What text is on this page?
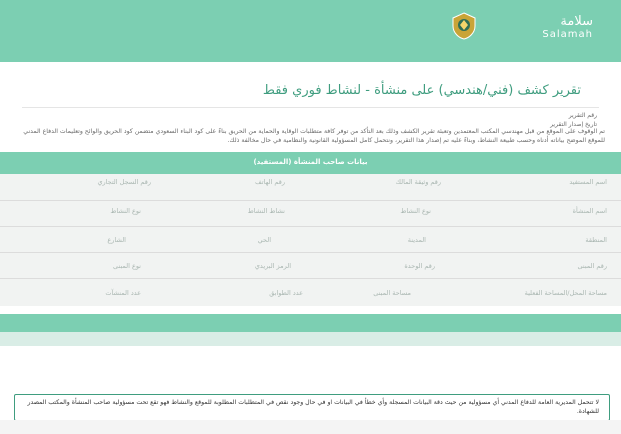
سلامة
Salamah
تقرير كشف (فني/هندسي) على منشأة - لنشاط فوري فقط
رقم التقرير
تاريخ إصدار التقرير
تم الوقوف على الموقع من قبل مهندسي المكتب المعتمدين وتعبئة تقرير الكشف وذلك بعد التأكد من توفر كافة متطلبات الوقاية والحماية من الحريق بناءً على كود البناء السعودي متضمن كود الحريق والوائح وتعليمات الدفاع المدني للموقع الموضح بياناته أدناه وحسب طبيعة النشاط، وبناءً عليه تم إصدار هذا التقرير، ونتحمل كامل المسؤولية القانونية والنظامية في حال مخالفة ذلك.
بيانات صاحب المنشأة (المستفيد)
اسم المستفيد
رقم وثيقة المالك
رقم الهاتف
رقم السجل التجاري
اسم المنشأة
نوع النشاط
نشاط النشاط
نوع النشاط
المنطقة
المدينة
الحي
الشارع
رقم المبنى
رقم الوحدة
الرمز البريدي
نوع المبنى
مساحة المحل/المساحة الفعلية
مساحة المبنى
عدد الطوابق
عدد المنشآت
لا تتحمل المديرية العامة للدفاع المدني أي مسؤولية من حيث دقة البيانات المسجلة وأي خطأ في البيانات او في حال وجود نقص في المتطلبات المطلوبة للموقع والنشاط فهو تقع تحت مسؤولية صاحب المنشأة والمكتب المصدر للشهادة.
